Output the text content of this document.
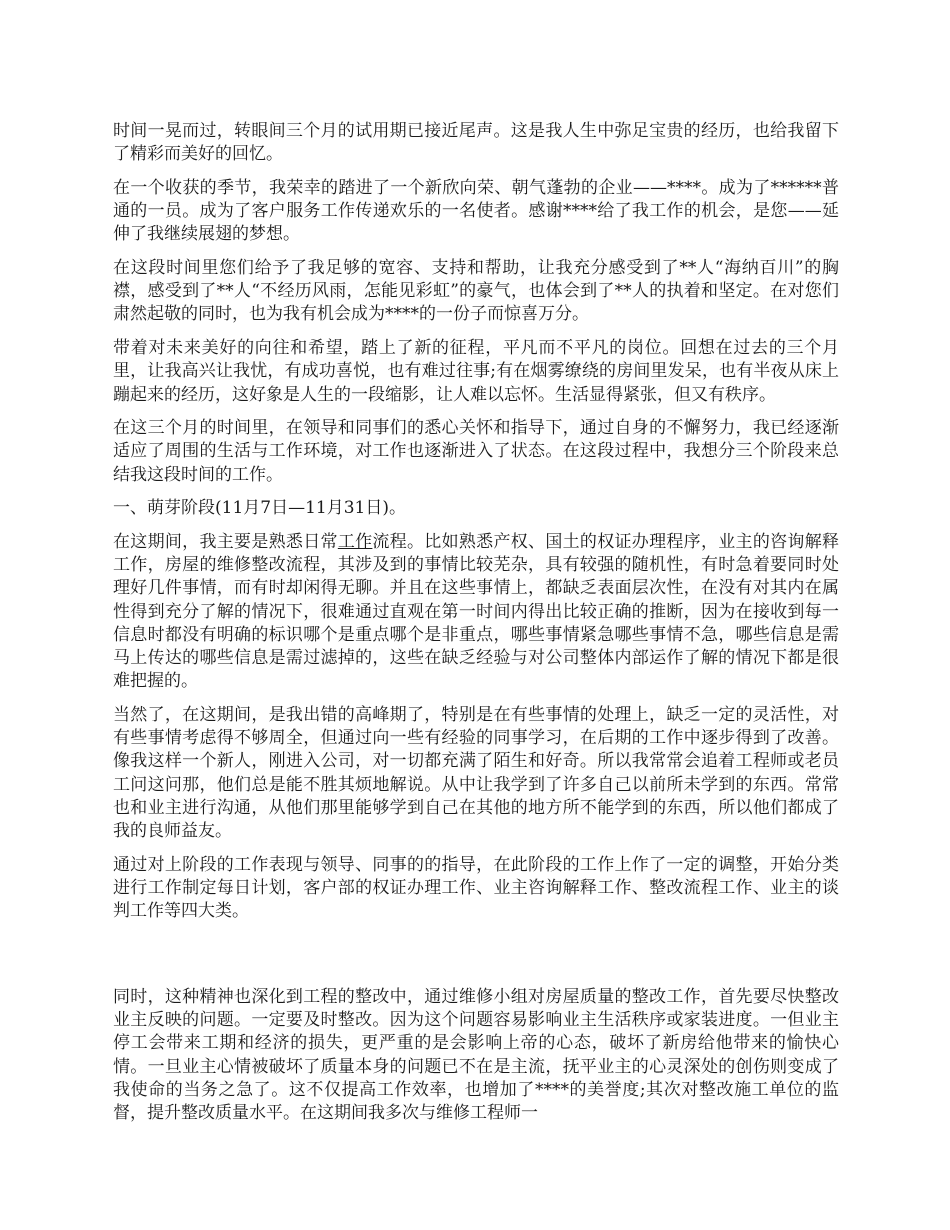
时间一晃而过，转眼间三个月的试用期已接近尾声。这是我人生中弥足宝贵的经历，也给我留下了精彩而美好的回忆。

在一个收获的季节，我荣幸的踏进了一个新欣向荣、朝气蓬勃的企业——****。成为了******普通的一员。成为了客户服务工作传递欢乐的一名使者。感谢****给了我工作的机会，是您——延伸了我继续展翅的梦想。

在这段时间里您们给予了我足够的宽容、支持和帮助，让我充分感受到了**人“海纳百川”的胸襟，感受到了**人“不经历风雨，怎能见彩虹”的豪气，也体会到了**人的执着和坚定。在对您们肃然起敬的同时，也为我有机会成为****的一份子而惊喜万分。

带着对未来美好的向往和希望，踏上了新的征程，平凡而不平凡的岗位。回想在过去的三个月里，让我高兴让我忧，有成功喜悦，也有难过往事;有在烟雾缭绕的房间里发呆，也有半夜从床上蹦起来的经历，这好象是人生的一段缩影，让人难以忘怀。生活显得紧张，但又有秩序。

在这三个月的时间里，在领导和同事们的悉心关怀和指导下，通过自身的不懈努力，我已经逐渐适应了周围的生活与工作环境，对工作也逐渐进入了状态。在这段过程中，我想分三个阶段来总结我这段时间的工作。

一、萌芽阶段(11月7日—11月31日)。

在这期间，我主要是熟悉日常工作流程。比如熟悉产权、国土的权证办理程序，业主的咨询解释工作，房屋的维修整改流程，其涉及到的事情比较芜杂，具有较强的随机性，有时急着要同时处理好几件事情，而有时却闲得无聊。并且在这些事情上，都缺乏表面层次性，在没有对其内在属性得到充分了解的情况下，很难通过直观在第一时间内得出比较正确的推断，因为在接收到每一信息时都没有明确的标识哪个是重点哪个是非重点，哪些事情紧急哪些事情不急，哪些信息是需马上传达的哪些信息是需过滤掉的，这些在缺乏经验与对公司整体内部运作了解的情况下都是很难把握的。

当然了，在这期间，是我出错的高峰期了，特别是在有些事情的处理上，缺乏一定的灵活性，对有些事情考虑得不够周全，但通过向一些有经验的同事学习，在后期的工作中逐步得到了改善。像我这样一个新人，刚进入公司，对一切都充满了陌生和好奇。所以我常常会追着工程师或老员工问这问那，他们总是能不胜其烦地解说。从中让我学到了许多自己以前所未学到的东西。常常也和业主进行沟通，从他们那里能够学到自己在其他的地方所不能学到的东西，所以他们都成了我的良师益友。

通过对上阶段的工作表现与领导、同事的的指导，在此阶段的工作上作了一定的调整，开始分类进行工作制定每日计划，客户部的权证办理工作、业主咨询解释工作、整改流程工作、业主的谈判工作等四大类。

同时，这种精神也深化到工程的整改中，通过维修小组对房屋质量的整改工作，首先要尽快整改业主反映的问题。一定要及时整改。因为这个问题容易影响业主生活秩序或家装进度。一但业主停工会带来工期和经济的损失，更严重的是会影响上帝的心态，破坏了新房给他带来的愉快心情。一旦业主心情被破坏了质量本身的问题已不在是主流，抚平业主的心灵深处的创伤则变成了我使命的当务之急了。这不仅提高工作效率，也增加了****的美誉度;其次对整改施工单位的监督，提升整改质量水平。在这期间我多次与维修工程师一
